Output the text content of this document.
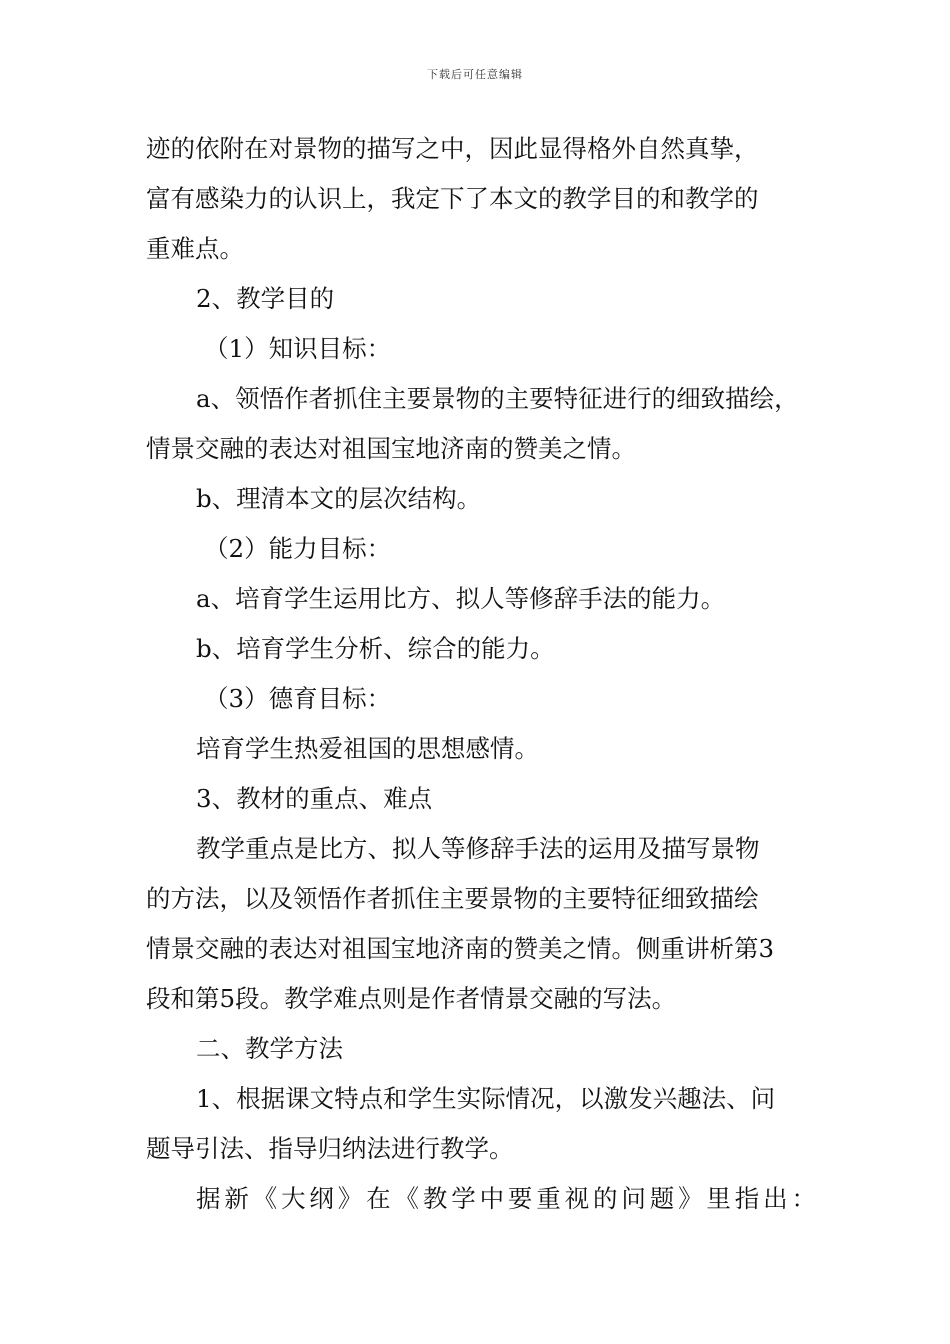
下载后可任意编辑
迹的依附在对景物的描写之中，因此显得格外自然真挚，
富有感染力的认识上，我定下了本文的教学目的和教学的
重难点。
2、教学目的
（1）知识目标：
a、领悟作者抓住主要景物的主要特征进行的细致描绘，
情景交融的表达对祖国宝地济南的赞美之情。
b、理清本文的层次结构。
（2）能力目标：
a、培育学生运用比方、拟人等修辞手法的能力。
b、培育学生分析、综合的能力。
（3）德育目标：
培育学生热爱祖国的思想感情。
3、教材的重点、难点
教学重点是比方、拟人等修辞手法的运用及描写景物
的方法，以及领悟作者抓住主要景物的主要特征细致描绘
情景交融的表达对祖国宝地济南的赞美之情。侧重讲析第3
段和第5段。教学难点则是作者情景交融的写法。
二、教学方法
1、根据课文特点和学生实际情况，以激发兴趣法、问
题导引法、指导归纳法进行教学。
据新《大纲》在《教学中要重视的问题》里指出：
